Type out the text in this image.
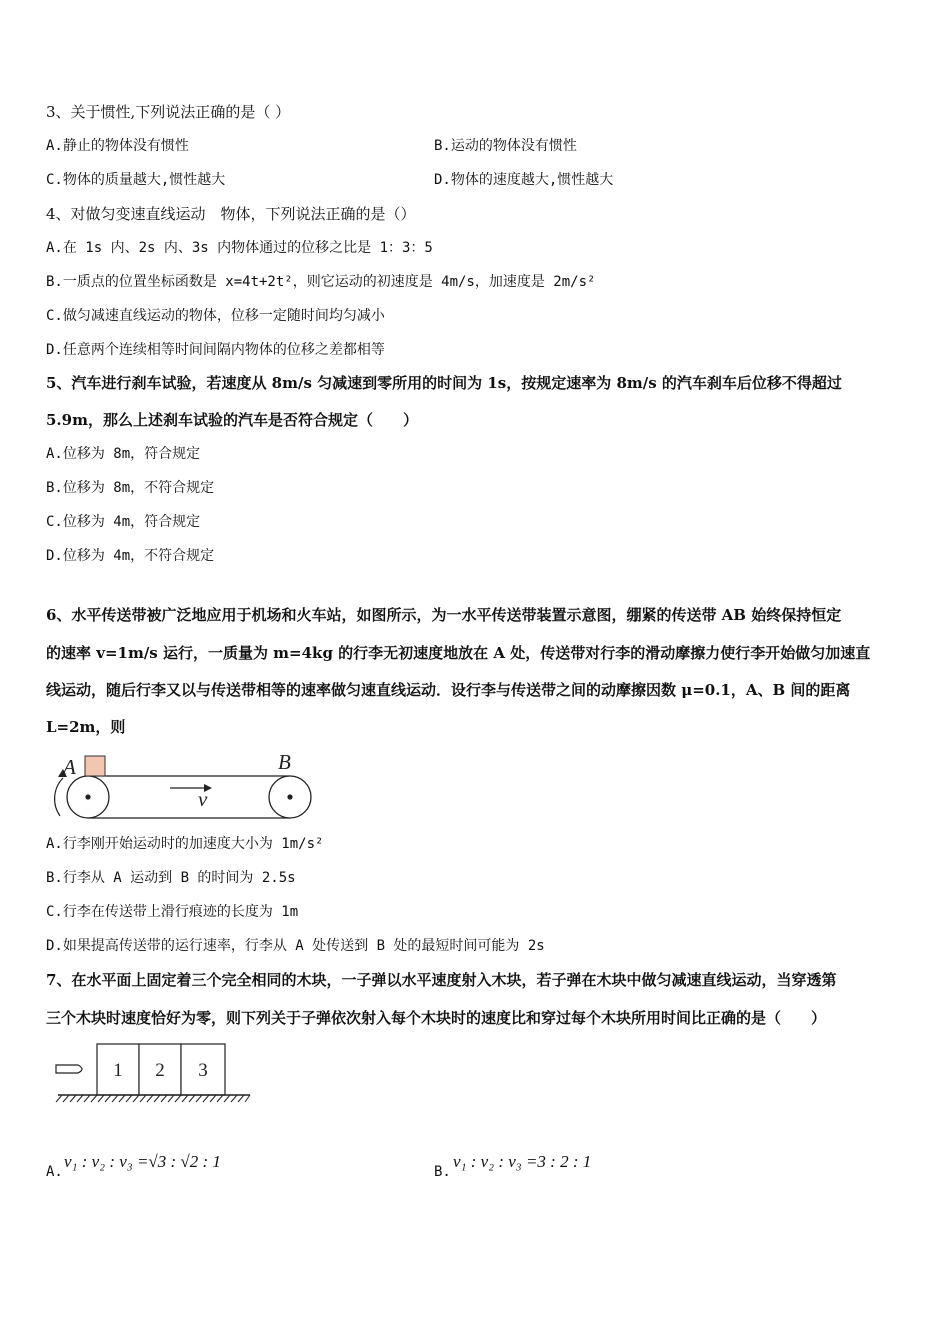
3、关于惯性,下列说法正确的是（ ）
A.静止的物体没有惯性	B.运动的物体没有惯性
C.物体的质量越大,惯性越大	D.物体的速度越大,惯性越大
4、对做匀变速直线运动　物体，下列说法正确的是（）
A.在 1s 内、2s 内、3s 内物体通过的位移之比是 1：3：5
B.一质点的位置坐标函数是 x=4t+2t²，则它运动的初速度是 4m/s，加速度是 2m/s²
C.做匀减速直线运动的物体，位移一定随时间均匀减小
D.任意两个连续相等时间间隔内物体的位移之差都相等
5、汽车进行刹车试验，若速度从 8m/s 匀减速到零所用的时间为 1s，按规定速率为 8m/s 的汽车刹车后位移不得超过
5.9m，那么上述刹车试验的汽车是否符合规定（　　）
A.位移为 8m，符合规定
B.位移为 8m，不符合规定
C.位移为 4m，符合规定
D.位移为 4m，不符合规定
6、水平传送带被广泛地应用于机场和火车站，如图所示，为一水平传送带装置示意图，绷紧的传送带 AB 始终保持恒定
的速率 v=1m/s 运行，一质量为 m=4kg 的行李无初速度地放在 A 处，传送带对行李的滑动摩擦力使行李开始做匀加速直
线运动，随后行李又以与传送带相等的速率做匀速直线运动．设行李与传送带之间的动摩擦因数 μ=0.1，A、B 间的距离
L=2m，则
A	B
v
A.行李刚开始运动时的加速度大小为 1m/s²
B.行李从 A 运动到 B 的时间为 2.5s
C.行李在传送带上滑行痕迹的长度为 1m
D.如果提高传送带的运行速率，行李从 A 处传送到 B 处的最短时间可能为 2s
7、在水平面上固定着三个完全相同的木块，一子弹以水平速度射入木块，若子弹在木块中做匀减速直线运动，当穿透第
三个木块时速度恰好为零，则下列关于子弹依次射入每个木块时的速度比和穿过每个木块所用时间比正确的是（　　）
1 2 3
A.
v₁ : v₂ : v₃ =√3 : √2 : 1
B.
v₁ : v₂ : v₃ =3 : 2 : 1
